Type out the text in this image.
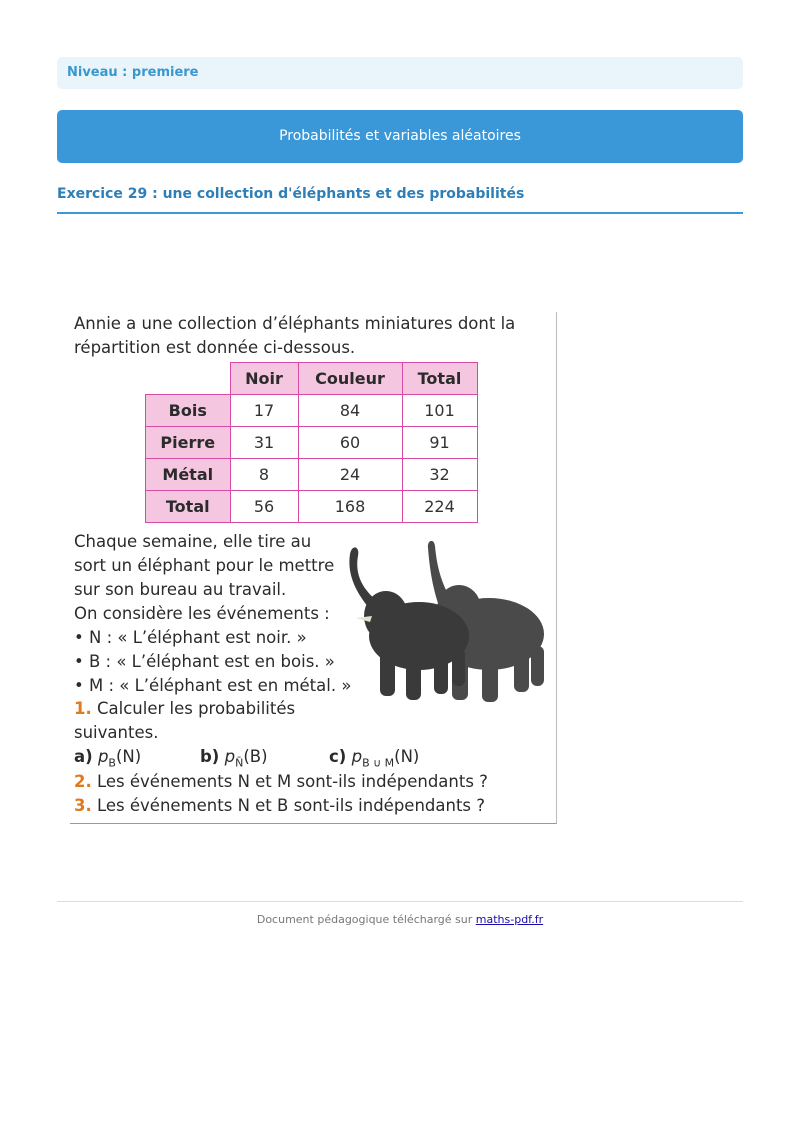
Niveau : premiere
Probabilités et variables aléatoires
Exercice 29 : une collection d'éléphants et des probabilités
Annie a une collection d’éléphants miniatures dont la
répartition est donnée ci-dessous.
	Noir	Couleur	Total
Bois	17	84	101
Pierre	31	60	91
Métal	8	24	32
Total	56	168	224
Chaque semaine, elle tire au
sort un éléphant pour le mettre
sur son bureau au travail.
On considère les événements :
• N : « L’éléphant est noir. »
• B : « L’éléphant est en bois. »
• M : « L’éléphant est en métal. »
1. Calculer les probabilités
suivantes.
a) $p_B(N)$	b) $p_{N̄}(B)$	c) $p_{B \cup M}(N)$
2. Les événements N et M sont-ils indépendants ?
3. Les événements N et B sont-ils indépendants ?
Document pédagogique téléchargé sur maths-pdf.fr
